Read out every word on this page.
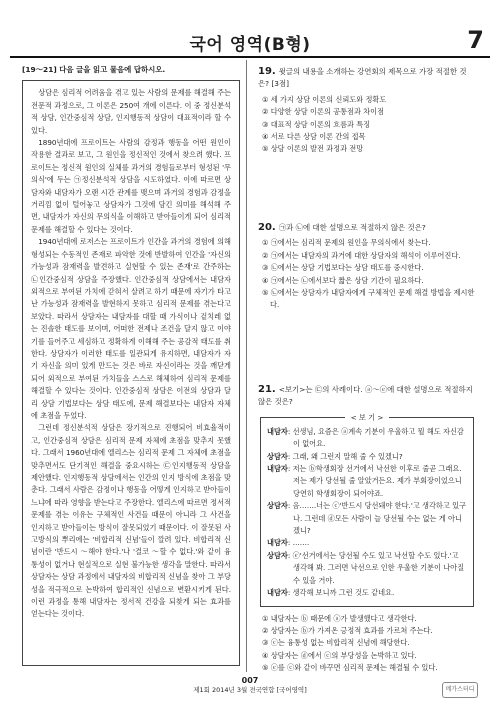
국어 영역(B형)	7
[19～21] 다음 글을 읽고 물음에 답하시오.

상담은 심리적 어려움을 겪고 있는 사람의 문제를 해결해 주는 전문적 과정으로, 그 이론은 250여 개에 이른다. 이 중 정신분석적 상담, 인간중심적 상담, 인지행동적 상담이 대표적이라 할 수 있다.

1890년대에 프로이트는 사람의 감정과 행동을 어떤 원인이 작용한 결과로 보고, 그 원인을 정신적인 것에서 찾으려 했다. 프로이트는 정신적 원인의 실체를 과거의 경험들로부터 형성된 '무의식'에 두는 ㉠정신분석적 상담을 시도하였다. 이에 따르면 상담자와 내담자가 오랜 시간 관계를 맺으며 과거의 경험과 감정을 거리낌 없이 털어놓고 상담자가 그것에 담긴 의미를 해석해 주면, 내담자가 자신의 무의식을 이해하고 받아들이게 되어 심리적 문제를 해결할 수 있다는 것이다.

1940년대에 로저스는 프로이트가 인간을 과거의 경험에 의해 형성되는 수동적인 존재로 파악한 것에 반발하여 인간을 '자신의 가능성과 잠재력을 발견하고 실현할 수 있는 존재'로 간주하는 ㉡인간중심적 상담을 주장했다. 인간중심적 상담에서는 내담자 외적으로 부여된 가치에 갇혀서 살려고 하기 때문에 자기가 타고난 가능성과 잠재력을 발현하지 못하고 심리적 문제를 겪는다고 보았다. 따라서 상담자는 내담자를 대할 때 가식이나 겉치레 없는 진솔한 태도를 보이며, 어떠한 전제나 조건을 달지 않고 이야기를 들어주고 세심하고 정확하게 이해해 주는 공감적 태도를 취한다. 상담자가 이러한 태도를 일관되게 유지하면, 내담자가 자기 자신을 의미 있게 만드는 것은 바로 자신이라는 것을 깨닫게 되어 외적으로 부여된 가치들을 스스로 해체하여 심리적 문제를 해결할 수 있다는 것이다. 인간중심적 상담은 이전의 상담과 달리 상담 기법보다는 상담 태도에, 문제 해결보다는 내담자 자체에 초점을 두었다.

그런데 정신분석적 상담은 장기적으로 진행되어 비효율적이고, 인간중심적 상담은 심리적 문제 자체에 초점을 맞추지 못했다. 그래서 1960년대에 엘리스는 심리적 문제 그 자체에 초점을 맞추면서도 단기적인 해결을 중요시하는 ㉢인지행동적 상담을 제안했다. 인지행동적 상담에서는 인간의 인지 방식에 초점을 맞춘다. 그래서 사람은 감정이나 행동을 어떻게 인지하고 받아들이느냐에 따라 영향을 받는다고 주장한다. 엘리스에 따르면 정서적 문제를 겪는 이유는 구체적인 사건들 때문이 아니라 그 사건을 인지하고 받아들이는 방식이 잘못되었기 때문이다. 이 잘못된 사고방식의 뿌리에는 '비합리적 신념'들이 깔려 있다. 비합리적 신념이란 '반드시 ～해야 한다.'나 '결코 ～할 수 없다.'와 같이 융통성이 없거나 현실적으로 실현 불가능한 생각을 말한다. 따라서 상담자는 상담 과정에서 내담자의 비합리적 신념을 찾아 그 부당성을 적극적으로 논박하여 합리적인 신념으로 변환시키게 된다. 이런 과정을 통해 내담자는 정서적 건강을 되찾게 되는 효과를 얻는다는 것이다.

19. 윗글의 내용을 소개하는 강연회의 제목으로 가장 적절한 것은? [3점]
① 세 가지 상담 이론의 신뢰도와 정확도
② 다양한 상담 이론의 공통점과 차이점
③ 대표적 상담 이론의 흐름과 특징
④ 서로 다른 상담 이론 간의 접목
⑤ 상담 이론의 발전 과정과 전망
20. ㉠과 ㉡에 대한 설명으로 적절하지 않은 것은?
① ㉠에서는 심리적 문제의 원인을 무의식에서 찾는다.
② ㉠에서는 내담자의 과거에 대한 상담자의 해석이 이루어진다.
③ ㉡에서는 상담 기법보다는 상담 태도를 중시한다.
④ ㉠에서는 ㉡에서보다 짧은 상담 기간이 필요하다.
⑤ ㉡에서는 상담자가 내담자에게 구체적인 문제 해결 방법을 제시한다.
21. <보기>는 ㉢의 사례이다. ⓐ～ⓔ에 대한 설명으로 적절하지 않은 것은?
< 보 기 >
내담자: 선생님, 요즘은 ⓐ계속 기분이 우울하고 뭘 해도 자신감이 없어요.
상담자: 그래, 왜 그런지 말해 줄 수 있겠니?
내담자: 저는 ⓑ학생회장 선거에서 낙선한 이후로 줄곧 그래요. 저는 제가 당선될 줄 알았거든요. 제가 부회장이었으니 당연히 학생회장이 되어야죠.
상담자: 음…….너는 ⓒ'반드시 당선돼야 한다.'고 생각하고 있구나. 그런데 ⓓ모든 사람이 늘 당선될 수는 없는 게 아니겠니?
내담자: …….
상담자: ⓔ'선거에서는 당선될 수도 있고 낙선할 수도 있다.'고 생각해 봐. 그러면 낙선으로 인한 우울한 기분이 나아질 수 있을 거야.
내담자: 생각해 보니까 그런 것도 같네요.
① 내담자는 ⓑ 때문에 ⓐ가 발생했다고 생각한다.
② 상담자는 ⓑ가 가져온 긍정적 효과를 가르쳐 주는다.
③ ⓒ는 융통성 없는 비합리적 신념에 해당한다.
④ 상담자는 ⓓ에서 ⓒ의 부당성을 논박하고 있다.
⑤ ⓔ를 ⓒ와 같이 바꾸면 심리적 문제는 해결될 수 있다.
007
제1회 2014년 3월 전국연합 [국어영역]	메가스터디
